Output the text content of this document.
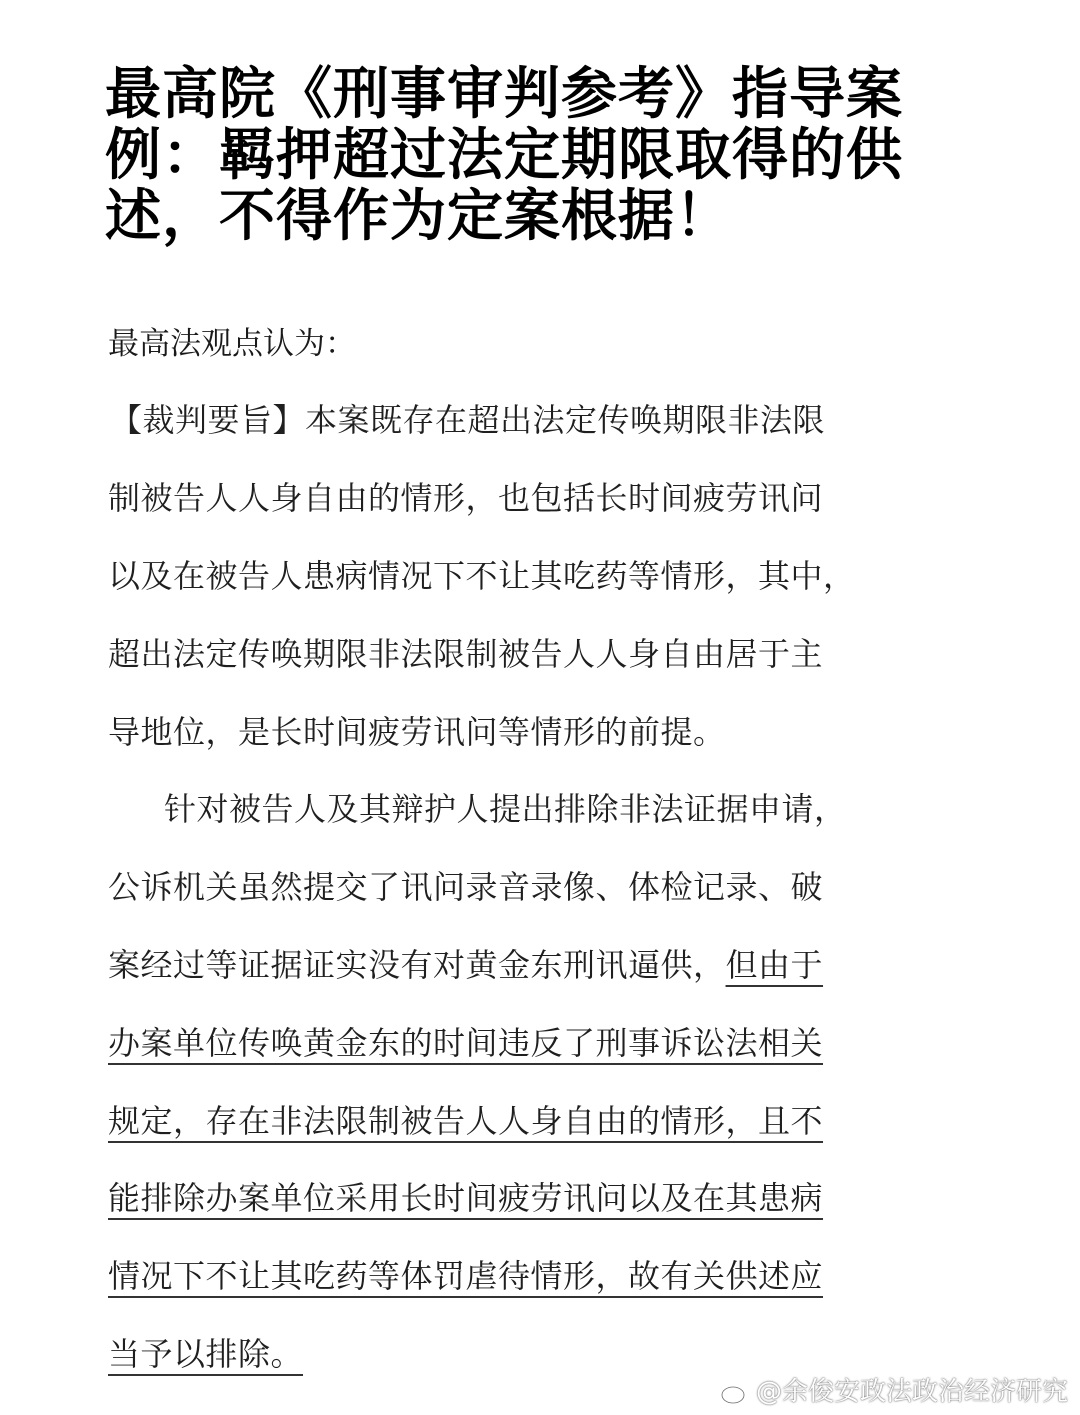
最高院《刑事审判参考》指导案
例：羁押超过法定期限取得的供
述，不得作为定案根据！

最高法观点认为：

【裁判要旨】本案既存在超出法定传唤期限非法限

制被告人人身自由的情形，也包括长时间疲劳讯问

以及在被告人患病情况下不让其吃药等情形，其中，

超出法定传唤期限非法限制被告人人身自由居于主

导地位，是长时间疲劳讯问等情形的前提。

针对被告人及其辩护人提出排除非法证据申请，

公诉机关虽然提交了讯问录音录像、体检记录、破

案经过等证据证实没有对黄金东刑讯逼供，但由于

办案单位传唤黄金东的时间违反了刑事诉讼法相关

规定，存在非法限制被告人人身自由的情形，且不

能排除办案单位采用长时间疲劳讯问以及在其患病

情况下不让其吃药等体罚虐待情形，故有关供述应

当予以排除。

@余俊安政法政治经济研究
